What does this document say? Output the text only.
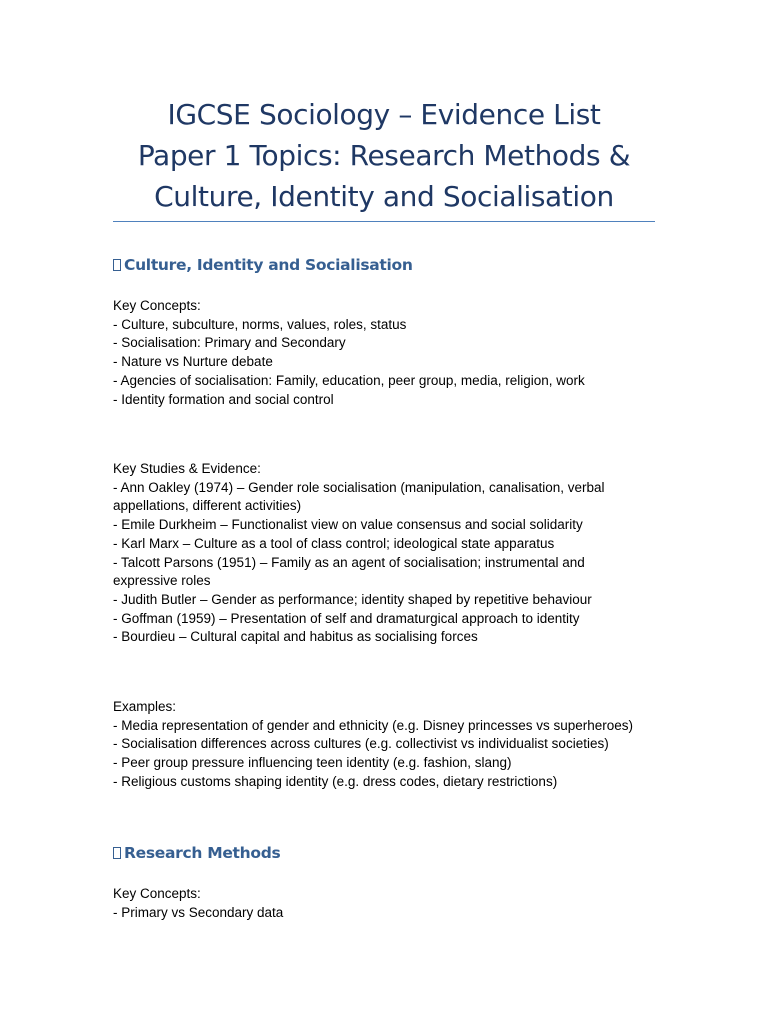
IGCSE Sociology – Evidence List
Paper 1 Topics: Research Methods &
Culture, Identity and Socialisation
Culture, Identity and Socialisation
Key Concepts:
- Culture, subculture, norms, values, roles, status
- Socialisation: Primary and Secondary
- Nature vs Nurture debate
- Agencies of socialisation: Family, education, peer group, media, religion, work
- Identity formation and social control
Key Studies & Evidence:
- Ann Oakley (1974) – Gender role socialisation (manipulation, canalisation, verbal appellations, different activities)
- Emile Durkheim – Functionalist view on value consensus and social solidarity
- Karl Marx – Culture as a tool of class control; ideological state apparatus
- Talcott Parsons (1951) – Family as an agent of socialisation; instrumental and expressive roles
- Judith Butler – Gender as performance; identity shaped by repetitive behaviour
- Goffman (1959) – Presentation of self and dramaturgical approach to identity
- Bourdieu – Cultural capital and habitus as socialising forces
Examples:
- Media representation of gender and ethnicity (e.g. Disney princesses vs superheroes)
- Socialisation differences across cultures (e.g. collectivist vs individualist societies)
- Peer group pressure influencing teen identity (e.g. fashion, slang)
- Religious customs shaping identity (e.g. dress codes, dietary restrictions)
Research Methods
Key Concepts:
- Primary vs Secondary data
